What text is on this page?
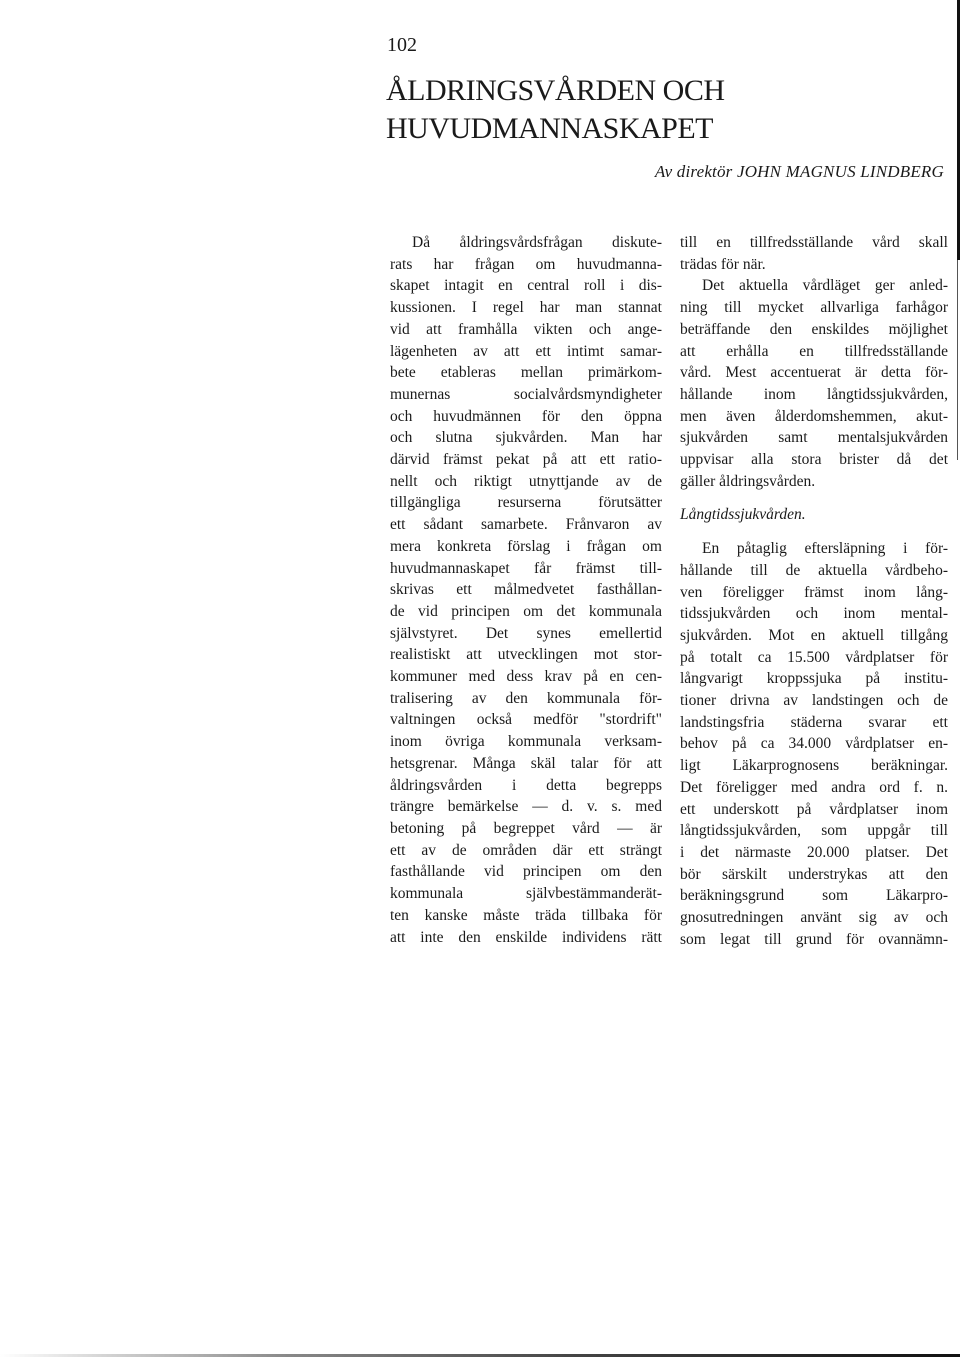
102
ÅLDRINGSVÅRDEN OCH
HUVUDMANNASKAPET
Av direktör JOHN MAGNUS LINDBERG
Då åldringsvårdsfrågan diskute-
rats har frågan om huvudmanna-
skapet intagit en central roll i dis-
kussionen. I regel har man stannat
vid att framhålla vikten och ange-
lägenheten av att ett intimt samar-
bete etableras mellan primärkom-
munernas socialvårdsmyndigheter
och huvudmännen för den öppna
och slutna sjukvården. Man har
därvid främst pekat på att ett ratio-
nellt och riktigt utnyttjande av de
tillgängliga resurserna förutsätter
ett sådant samarbete. Frånvaron av
mera konkreta förslag i frågan om
huvudmannaskapet får främst till-
skrivas ett målmedvetet fasthållan-
de vid principen om det kommunala
självstyret. Det synes emellertid
realistiskt att utvecklingen mot stor-
kommuner med dess krav på en cen-
tralisering av den kommunala för-
valtningen också medför "stordrift"
inom övriga kommunala verksam-
hetsgrenar. Många skäl talar för att
åldringsvården i detta begrepps
trängre bemärkelse — d. v. s. med
betoning på begreppet vård — är
ett av de områden där ett strängt
fasthållande vid principen om den
kommunala självbestämmanderät-
ten kanske måste träda tillbaka för
att inte den enskilde individens rätt
till en tillfredsställande vård skall
trädas för när.
Det aktuella vårdläget ger anled-
ning till mycket allvarliga farhågor
beträffande den enskildes möjlighet
att erhålla en tillfredsställande
vård. Mest accentuerat är detta för-
hållande inom långtidssjukvården,
men även ålderdomshemmen, akut-
sjukvården samt mentalsjukvården
uppvisar alla stora brister då det
gäller åldringsvården.
Långtidssjukvården.
En påtaglig eftersläpning i för-
hållande till de aktuella vårdbeho-
ven föreligger främst inom lång-
tidssjukvården och inom mental-
sjukvården. Mot en aktuell tillgång
på totalt ca 15.500 vårdplatser för
långvarigt kroppssjuka på institu-
tioner drivna av landstingen och de
landstingsfria städerna svarar ett
behov på ca 34.000 vårdplatser en-
ligt Läkarprognosens beräkningar.
Det föreligger med andra ord f. n.
ett underskott på vårdplatser inom
långtidssjukvården, som uppgår till
i det närmaste 20.000 platser. Det
bör särskilt understrykas att den
beräkningsgrund som Läkarpro-
gnosutredningen använt sig av och
som legat till grund för ovannämn-
